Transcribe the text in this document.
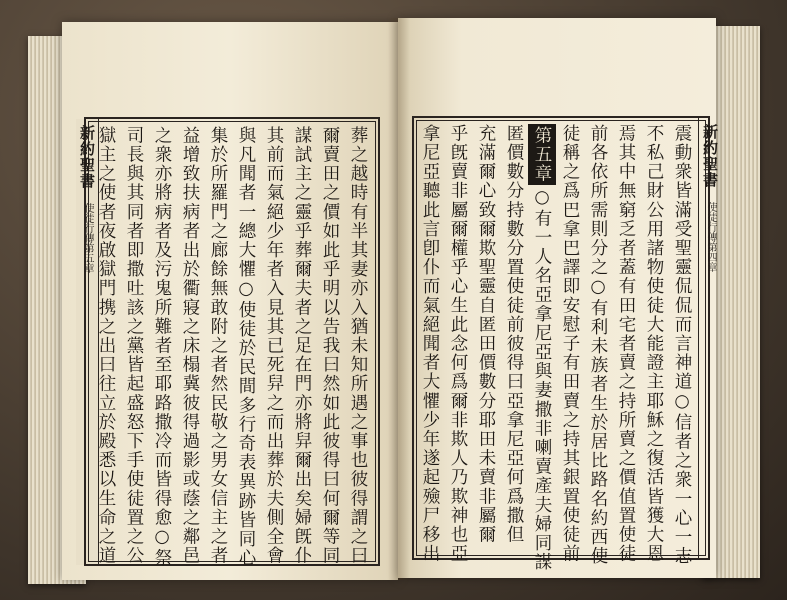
新約聖書使徒行傳第五章	葬之越時有半其妻亦入猶未知所遇之事也彼得謂之曰
爾賣田之價如此乎明以告我曰然如此彼得曰何爾等同
謀試主之靈乎葬爾夫者之足在門亦將舁爾出矣婦旣仆
其前而氣絕少年者入見其已死舁之而出葬於夫側全會
與凡聞者一總大懼○使徒於民間多行奇表異跡皆同心
集於所羅門之廊餘無敢附之者然民敬之男女信主之者
益增致扶病者出於衢寢之床榻冀彼得過影或蔭之鄰邑
之衆亦將病者及污鬼所難者至耶路撒冷而皆得愈○祭
司長與其同者即撒吐該之黨皆起盛怒下手使徒置之公
獄主之使者夜啟獄門携之出曰往立於殿悉以生命之道	新約聖書使徒行傳第四章
震動衆皆滿受聖靈侃侃而言神道○信者之衆一心一志
不私己財公用諸物使徒大能證主耶穌之復活皆獲大恩
焉其中無窮乏者蓋有田宅者賣之持所賣之價值置使徒
前各依所需則分之○有利未族者生於居比路名約西使
徒稱之爲巴拿巴譯即安慰子有田賣之持其銀置使徒前
第五章○有一人名亞拿尼亞與妻撒非喇賣產夫婦同謀
匿價數分持數分置使徒前彼得曰亞拿尼亞何爲撒但
充滿爾心致爾欺聖靈自匿田價數分耶田未賣非屬爾
乎旣賣非屬爾權乎心生此念何爲爾非欺人乃欺神也亞
拿尼亞聽此言卽仆而氣絕聞者大懼少年遂起殮尸移出
